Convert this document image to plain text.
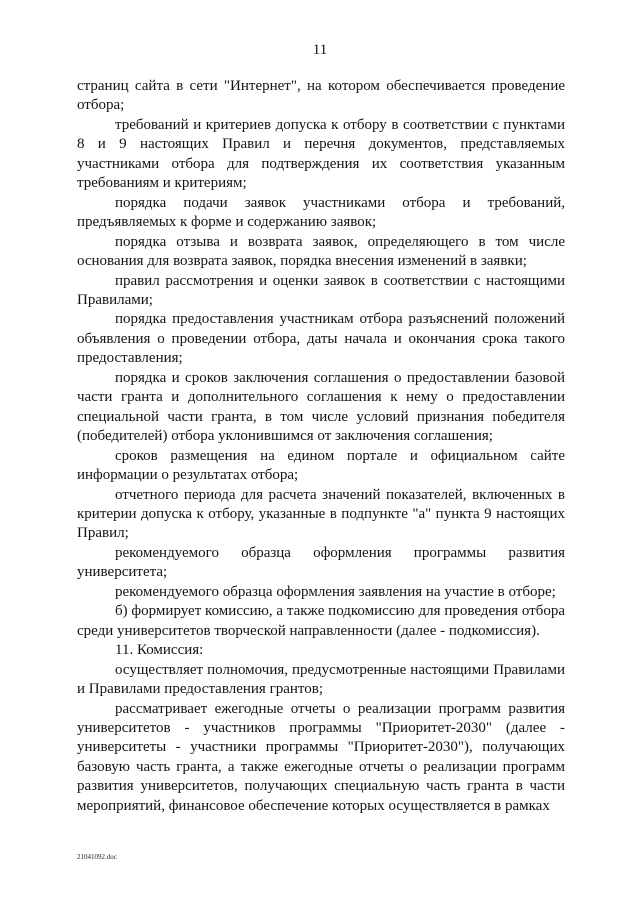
11

страниц сайта в сети "Интернет", на котором обеспечивается проведение отбора;

требований и критериев допуска к отбору в соответствии с пунктами 8 и 9 настоящих Правил и перечня документов, представляемых участниками отбора для подтверждения их соответствия указанным требованиям и критериям;

порядка подачи заявок участниками отбора и требований, предъявляемых к форме и содержанию заявок;

порядка отзыва и возврата заявок, определяющего в том числе основания для возврата заявок, порядка внесения изменений в заявки;

правил рассмотрения и оценки заявок в соответствии с настоящими Правилами;

порядка предоставления участникам отбора разъяснений положений объявления о проведении отбора, даты начала и окончания срока такого предоставления;

порядка и сроков заключения соглашения о предоставлении базовой части гранта и дополнительного соглашения к нему о предоставлении специальной части гранта, в том числе условий признания победителя (победителей) отбора уклонившимся от заключения соглашения;

сроков размещения на едином портале и официальном сайте информации о результатах отбора;

отчетного периода для расчета значений показателей, включенных в критерии допуска к отбору, указанные в подпункте "а" пункта 9 настоящих Правил;

рекомендуемого образца оформления программы развития университета;

рекомендуемого образца оформления заявления на участие в отборе;

б) формирует комиссию, а также подкомиссию для проведения отбора среди университетов творческой направленности (далее - подкомиссия).

11. Комиссия:

осуществляет полномочия, предусмотренные настоящими Правилами и Правилами предоставления грантов;

рассматривает ежегодные отчеты о реализации программ развития университетов - участников программы "Приоритет-2030" (далее - университеты - участники программы "Приоритет-2030"), получающих базовую часть гранта, а также ежегодные отчеты о реализации программ развития университетов, получающих специальную часть гранта в части мероприятий, финансовое обеспечение которых осуществляется в рамках

21041092.doc
